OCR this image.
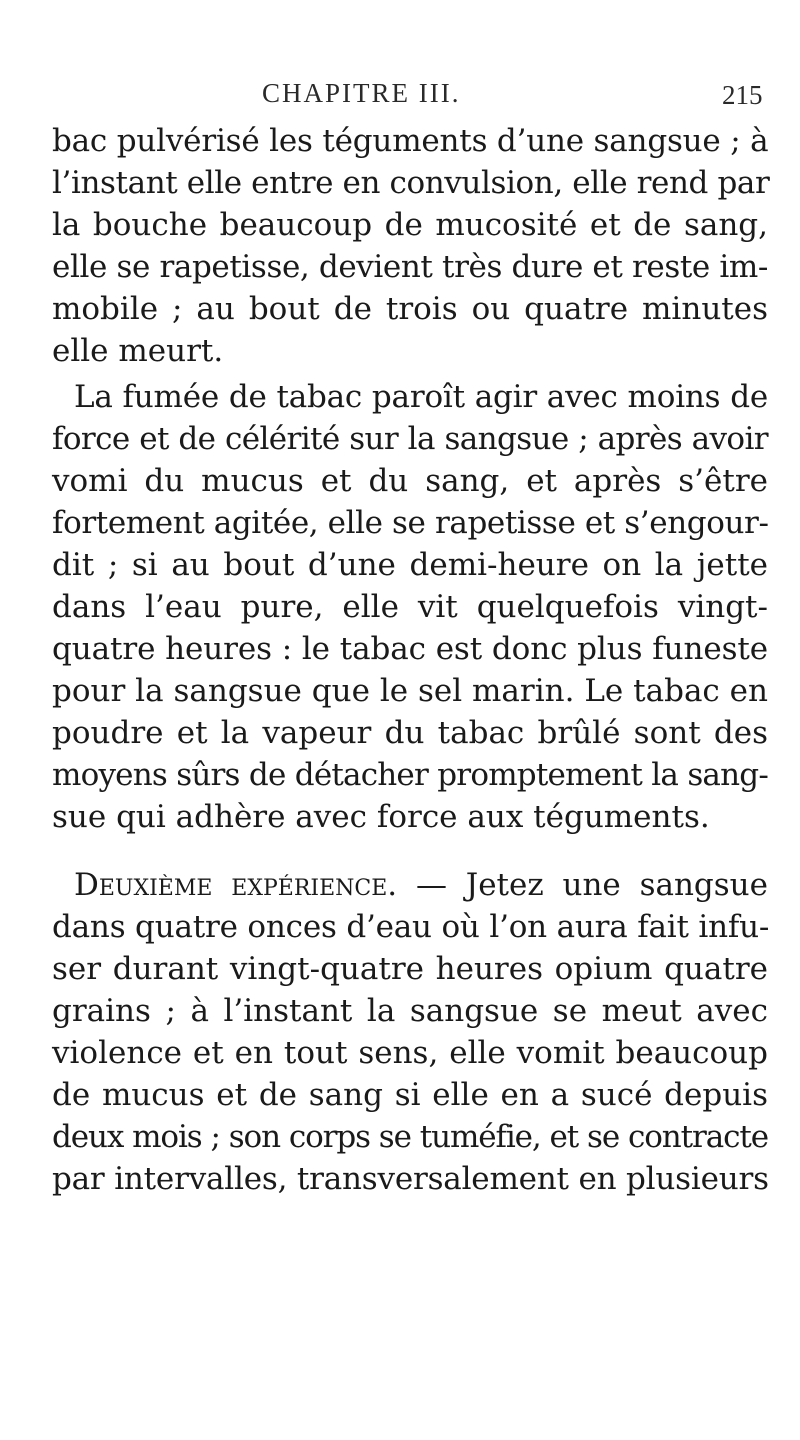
CHAPITRE III.	215
bac pulvérisé les téguments d’une sangsue ; à
l’instant elle entre en convulsion, elle rend par
la bouche beaucoup de mucosité et de sang,
elle se rapetisse, devient très dure et reste im-
mobile ; au bout de trois ou quatre minutes
elle meurt.
La fumée de tabac paroît agir avec moins de
force et de célérité sur la sangsue ; après avoir
vomi du mucus et du sang, et après s’être
fortement agitée, elle se rapetisse et s’engour-
dit ; si au bout d’une demi-heure on la jette
dans l’eau pure, elle vit quelquefois vingt-
quatre heures : le tabac est donc plus funeste
pour la sangsue que le sel marin. Le tabac en
poudre et la vapeur du tabac brûlé sont des
moyens sûrs de détacher promptement la sang-
sue qui adhère avec force aux téguments.
Deuxième expérience. — Jetez une sangsue
dans quatre onces d’eau où l’on aura fait infu-
ser durant vingt-quatre heures opium quatre
grains ; à l’instant la sangsue se meut avec
violence et en tout sens, elle vomit beaucoup
de mucus et de sang si elle en a sucé depuis
deux mois ; son corps se tuméfie, et se contracte
par intervalles, transversalement en plusieurs
